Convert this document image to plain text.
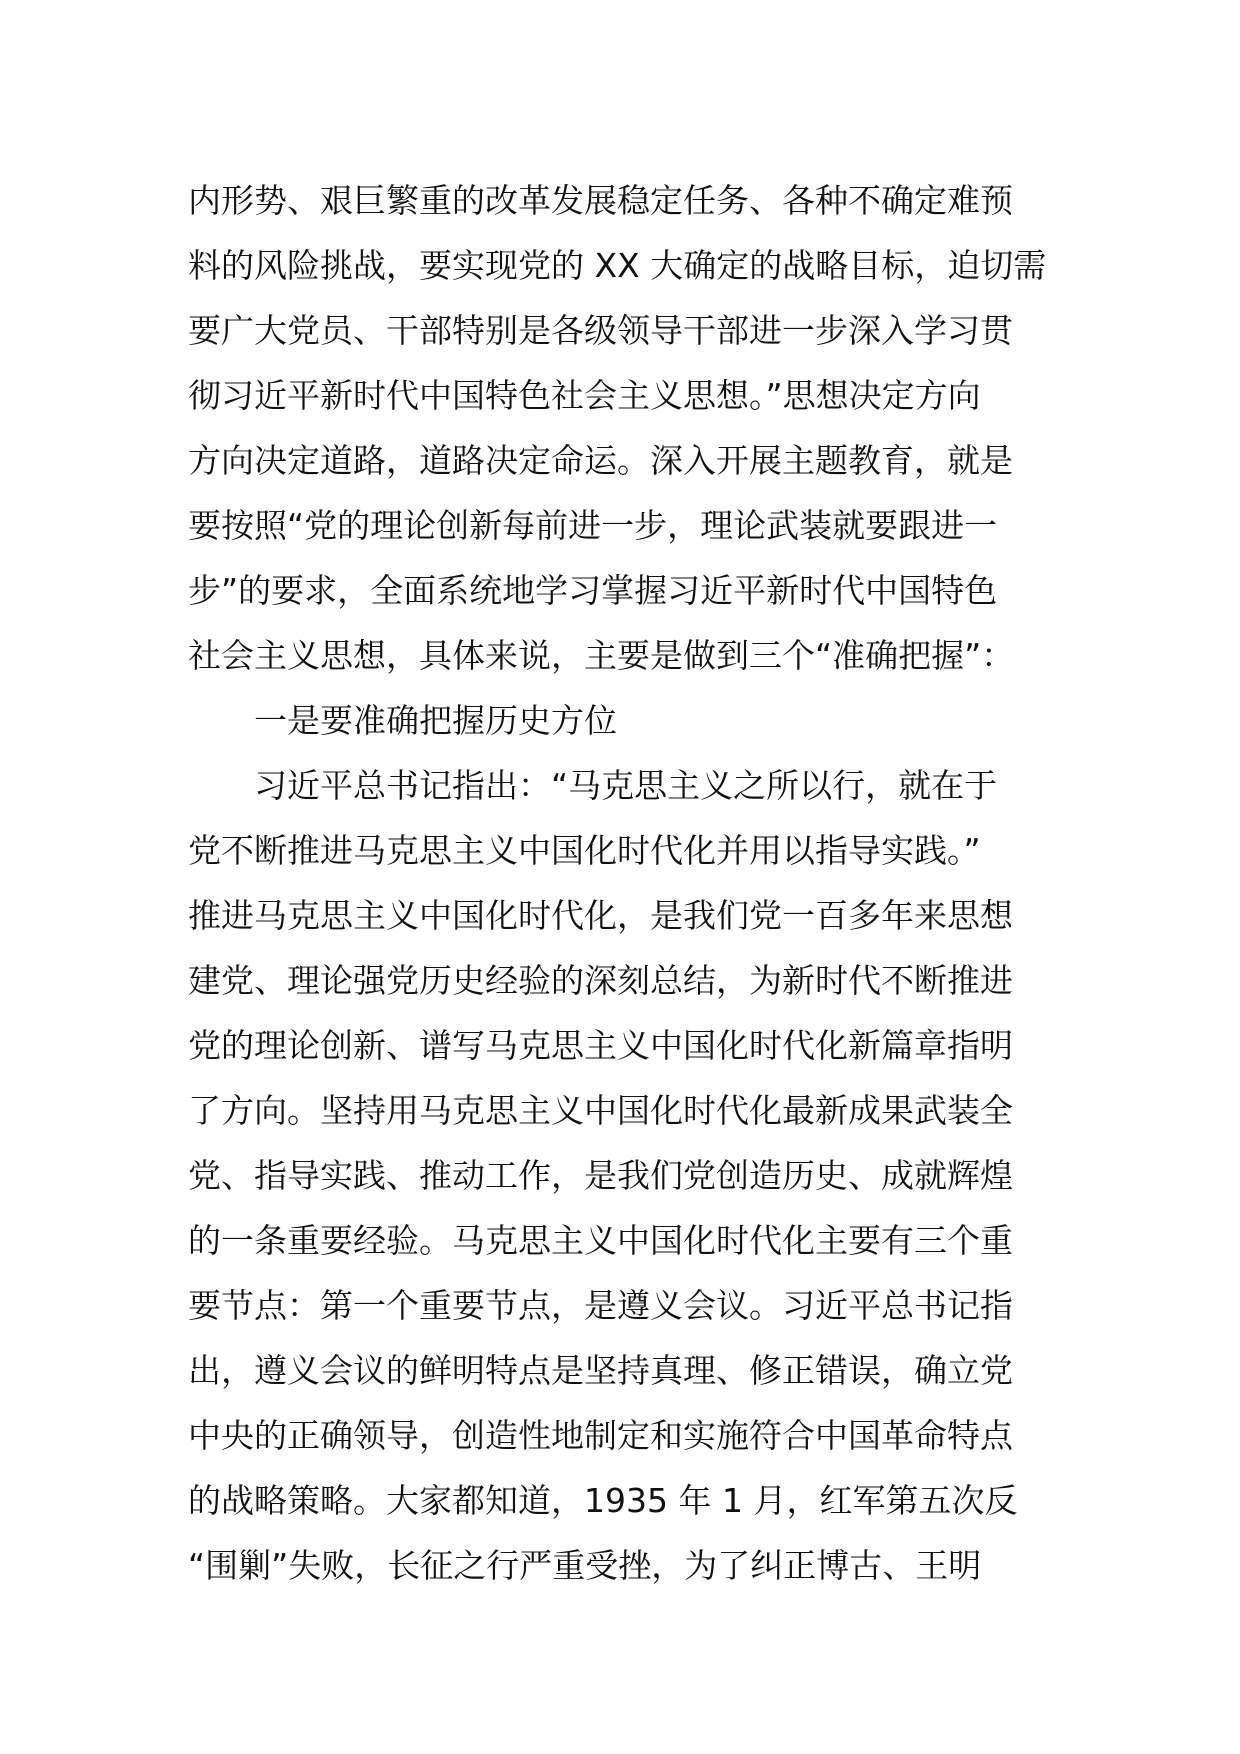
内形势、艰巨繁重的改革发展稳定任务、各种不确定难预
料的风险挑战，要实现党的 XX 大确定的战略目标，迫切需
要广大党员、干部特别是各级领导干部进一步深入学习贯
彻习近平新时代中国特色社会主义思想。”思想决定方向
方向决定道路，道路决定命运。深入开展主题教育，就是
要按照“党的理论创新每前进一步，理论武装就要跟进一
步”的要求，全面系统地学习掌握习近平新时代中国特色
社会主义思想，具体来说，主要是做到三个“准确把握”：
一是要准确把握历史方位
习近平总书记指出：“马克思主义之所以行，就在于
党不断推进马克思主义中国化时代化并用以指导实践。”
推进马克思主义中国化时代化，是我们党一百多年来思想
建党、理论强党历史经验的深刻总结，为新时代不断推进
党的理论创新、谱写马克思主义中国化时代化新篇章指明
了方向。坚持用马克思主义中国化时代化最新成果武装全
党、指导实践、推动工作，是我们党创造历史、成就辉煌
的一条重要经验。马克思主义中国化时代化主要有三个重
要节点：第一个重要节点，是遵义会议。习近平总书记指
出，遵义会议的鲜明特点是坚持真理、修正错误，确立党
中央的正确领导，创造性地制定和实施符合中国革命特点
的战略策略。大家都知道，1935 年 1 月，红军第五次反
“围剿”失败，长征之行严重受挫，为了纠正博古、王明
